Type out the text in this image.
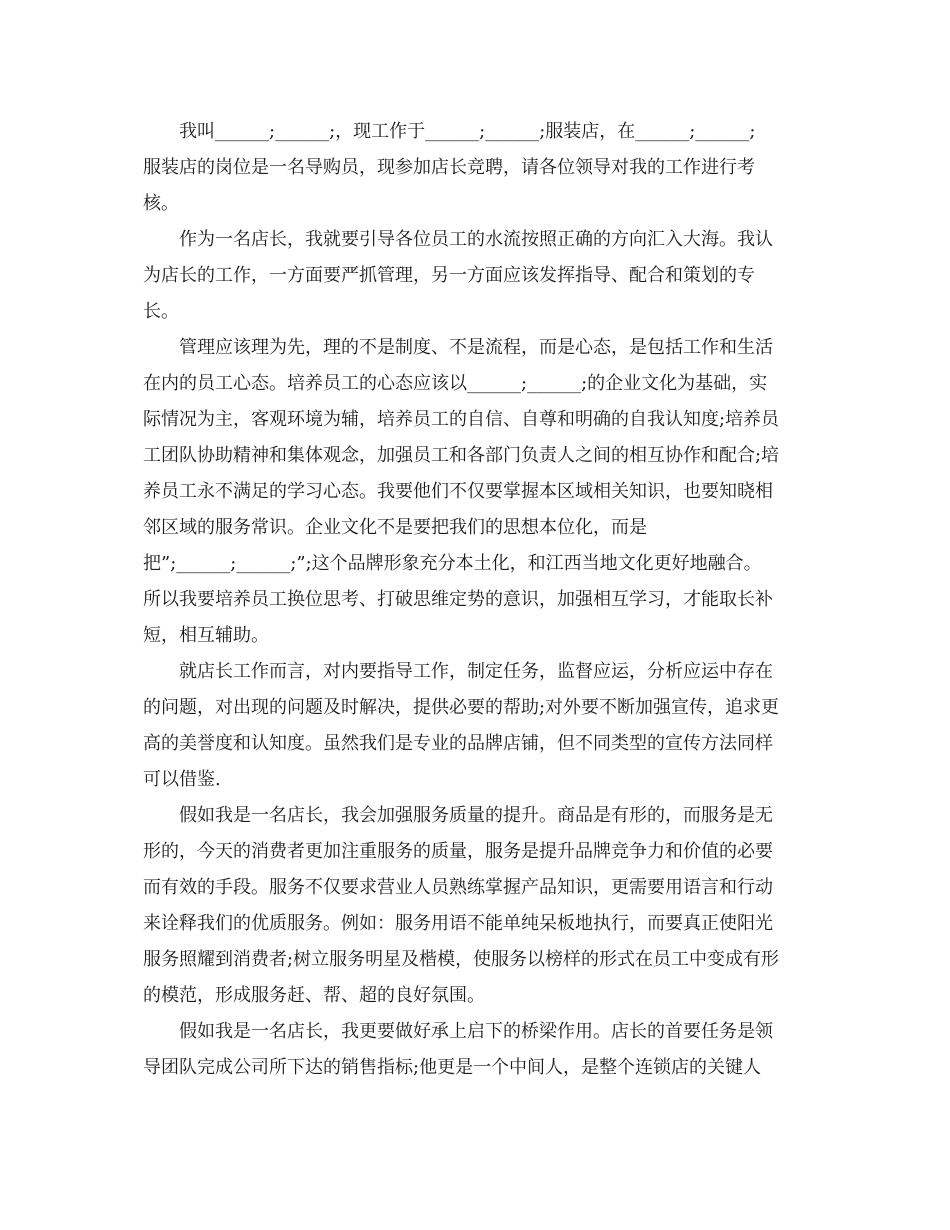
我叫______;______;，现工作于______;______;服装店，在______;______;
服装店的岗位是一名导购员，现参加店长竞聘，请各位领导对我的工作进行考
核。
作为一名店长，我就要引导各位员工的水流按照正确的方向汇入大海。我认
为店长的工作，一方面要严抓管理，另一方面应该发挥指导、配合和策划的专
长。
管理应该理为先，理的不是制度、不是流程，而是心态，是包括工作和生活
在内的员工心态。培养员工的心态应该以______;______;的企业文化为基础，实
际情况为主，客观环境为辅，培养员工的自信、自尊和明确的自我认知度;培养员
工团队协助精神和集体观念，加强员工和各部门负责人之间的相互协作和配合;培
养员工永不满足的学习心态。我要他们不仅要掌握本区域相关知识，也要知晓相
邻区域的服务常识。企业文化不是要把我们的思想本位化，而是
把”;______;______;”;这个品牌形象充分本土化，和江西当地文化更好地融合。
所以我要培养员工换位思考、打破思维定势的意识，加强相互学习，才能取长补
短，相互辅助。
就店长工作而言，对内要指导工作，制定任务，监督应运，分析应运中存在
的问题，对出现的问题及时解决，提供必要的帮助;对外要不断加强宣传，追求更
高的美誉度和认知度。虽然我们是专业的品牌店铺，但不同类型的宣传方法同样
可以借鉴.
假如我是一名店长，我会加强服务质量的提升。商品是有形的，而服务是无
形的，今天的消费者更加注重服务的质量，服务是提升品牌竞争力和价值的必要
而有效的手段。服务不仅要求营业人员熟练掌握产品知识，更需要用语言和行动
来诠释我们的优质服务。例如：服务用语不能单纯呆板地执行，而要真正使阳光
服务照耀到消费者;树立服务明星及楷模，使服务以榜样的形式在员工中变成有形
的模范，形成服务赶、帮、超的良好氛围。
假如我是一名店长，我更要做好承上启下的桥梁作用。店长的首要任务是领
导团队完成公司所下达的销售指标;他更是一个中间人，是整个连锁店的关键人
